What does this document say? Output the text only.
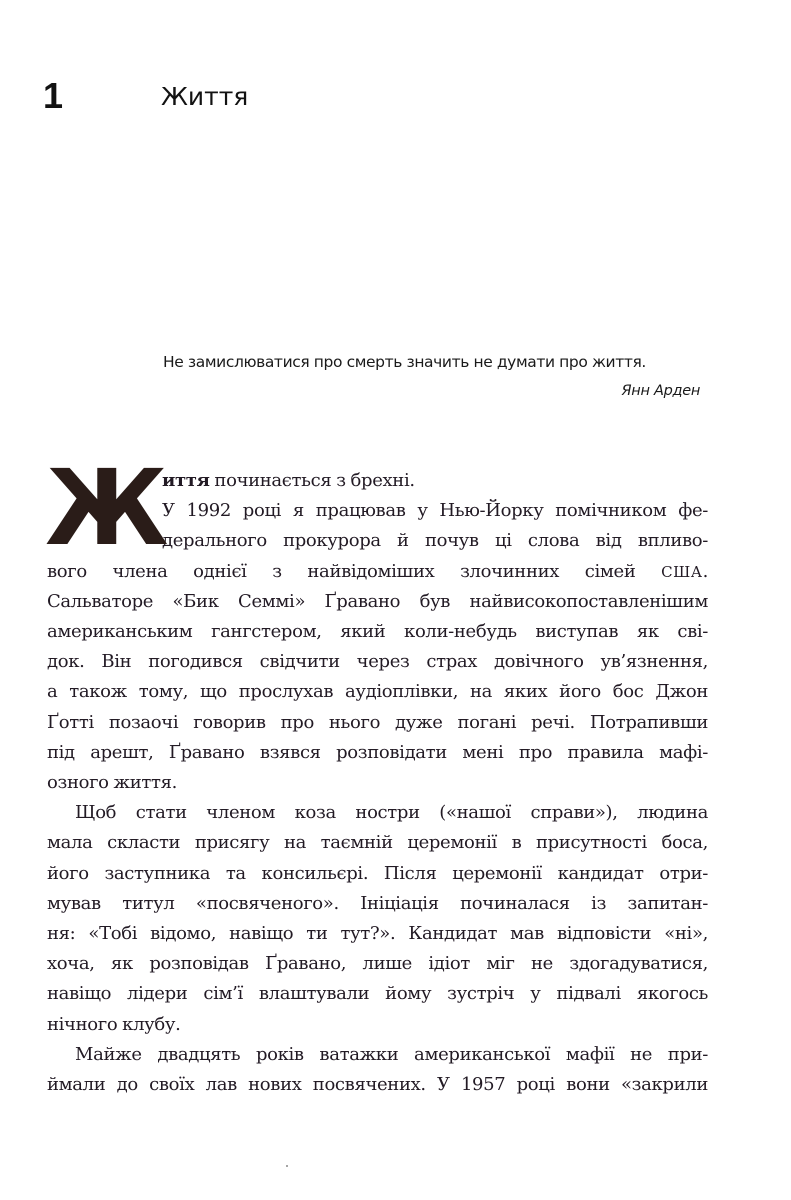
1	Життя
Не замислюватися про смерть значить не думати про життя.
Янн Арден
Ж
иття починається з брехні.
У 1992 році я працював у Нью-Йорку помічником фе-
дерального прокурора й почув ці слова від впливо-
вого члена однієї з найвідоміших злочинних сімей США.
Сальваторе «Бик Семмі» Ґравано був найвисокопоставленішим
американським гангстером, який коли-небудь виступав як сві-
док. Він погодився свідчити через страх довічного ув’язнення,
а також тому, що прослухав аудіоплівки, на яких його бос Джон
Ґотті позаочі говорив про нього дуже погані речі. Потрапивши
під арешт, Ґравано взявся розповідати мені про правила мафі-
озного життя.
Щоб стати членом коза ностри («нашої справи»), людина
мала скласти присягу на таємній церемонії в присутності боса,
його заступника та консильєрі. Після церемонії кандидат отри-
мував титул «посвяченого». Ініціація починалася із запитан-
ня: «Тобі відомо, навіщо ти тут?». Кандидат мав відповісти «ні»,
хоча, як розповідав Ґравано, лише ідіот міг не здогадуватися,
навіщо лідери сім’ї влаштували йому зустріч у підвалі якогось
нічного клубу.
Майже двадцять років ватажки американської мафії не при-
ймали до своїх лав нових посвячених. У 1957 році вони «закрили
